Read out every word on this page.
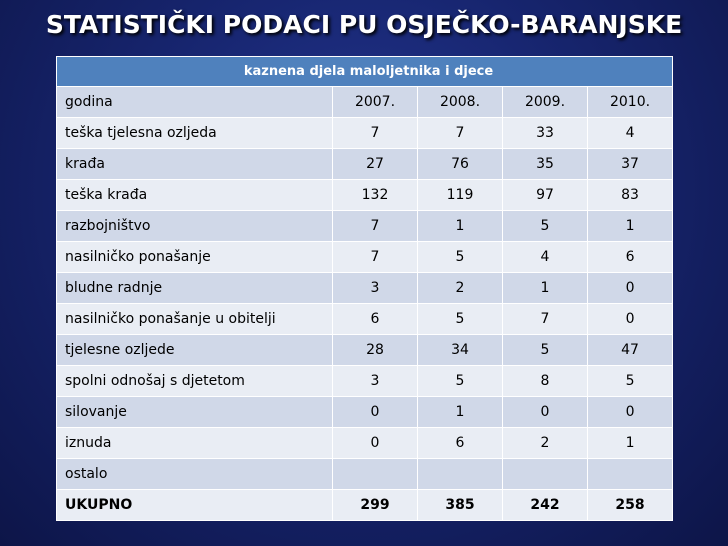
STATISTIČKI PODACI PU OSJEČKO-BARANJSKE
kaznena djela maloljetnika i djece				
godina	2007.	2008.	2009.	2010.
teška tjelesna ozljeda	7	7	33	4
krađa	27	76	35	37
teška krađa	132	119	97	83
razbojništvo	7	1	5	1
nasilničko ponašanje	7	5	4	6
bludne radnje	3	2	1	0
nasilničko ponašanje u obitelji	6	5	7	0
tjelesne ozljede	28	34	5	47
spolni odnošaj s djetetom	3	5	8	5
silovanje	0	1	0	0
iznuda	0	6	2	1
ostalo				
UKUPNO	299	385	242	258
